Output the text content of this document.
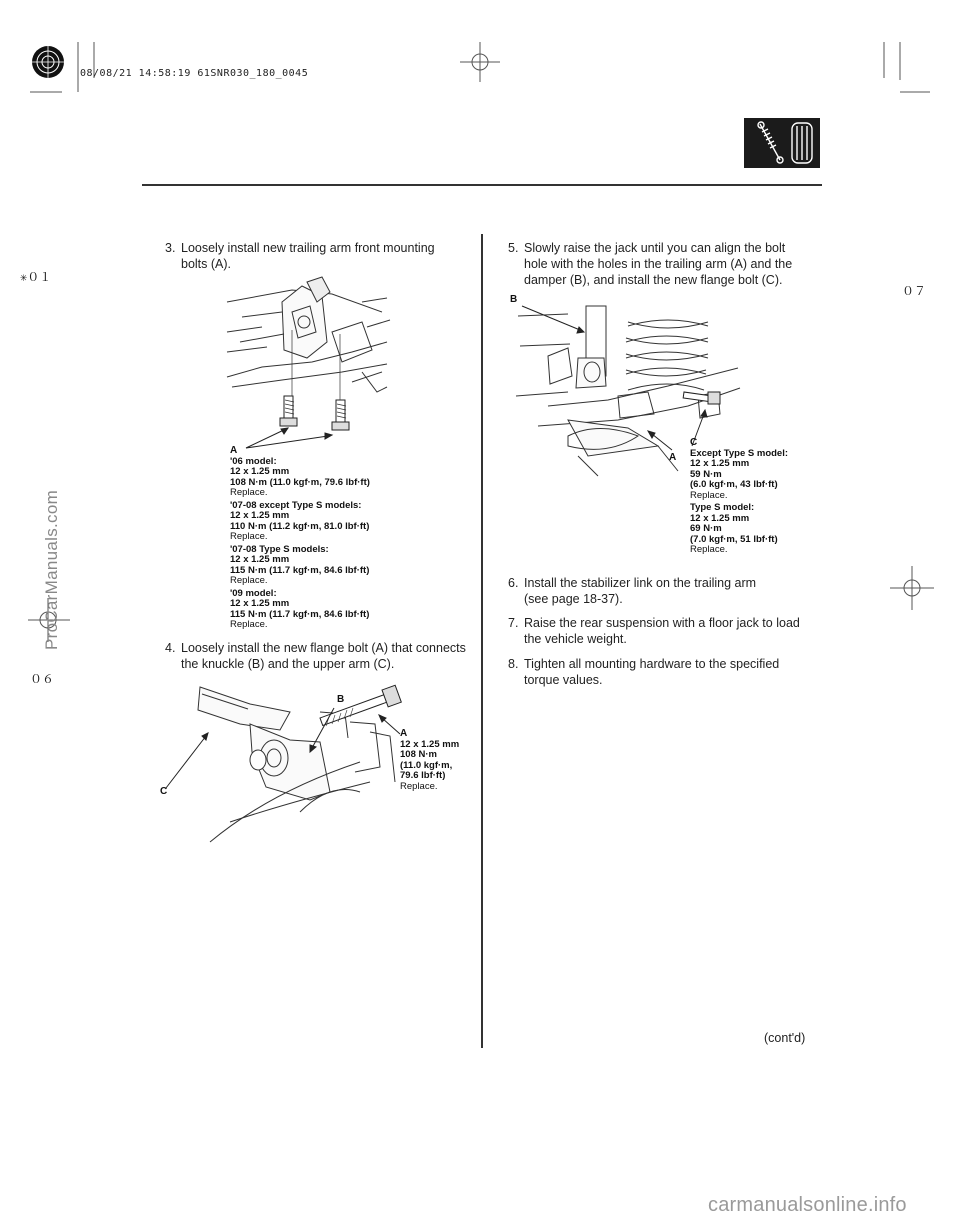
08/08/21 14:58:19 61SNR030_180_0045
✳０１
０７
０６
ProCarManuals.com
3. Loosely install new trailing arm front mounting
bolts (A).
A
'06 model:
12 x 1.25 mm
108 N·m (11.0 kgf·m, 79.6 lbf·ft)
Replace.
'07-08 except Type S models:
12 x 1.25 mm
110 N·m (11.2 kgf·m, 81.0 lbf·ft)
Replace.
'07-08 Type S models:
12 x 1.25 mm
115 N·m (11.7 kgf·m, 84.6 lbf·ft)
Replace.
'09 model:
12 x 1.25 mm
115 N·m (11.7 kgf·m, 84.6 lbf·ft)
Replace.
4. Loosely install the new flange bolt (A) that connects
the knuckle (B) and the upper arm (C).
B
C
A
12 x 1.25 mm
108 N·m
(11.0 kgf·m,
79.6 lbf·ft)
Replace.
5. Slowly raise the jack until you can align the bolt
hole with the holes in the trailing arm (A) and the
damper (B), and install the new flange bolt (C).
B
A
C
Except Type S model:
12 x 1.25 mm
59 N·m
(6.0 kgf·m, 43 lbf·ft)
Replace.
Type S model:
12 x 1.25 mm
69 N·m
(7.0 kgf·m, 51 lbf·ft)
Replace.
6. Install the stabilizer link on the trailing arm
(see page 18-37).
7. Raise the rear suspension with a floor jack to load
the vehicle weight.
8. Tighten all mounting hardware to the specified
torque values.
(cont'd)
carmanualsonline.info
